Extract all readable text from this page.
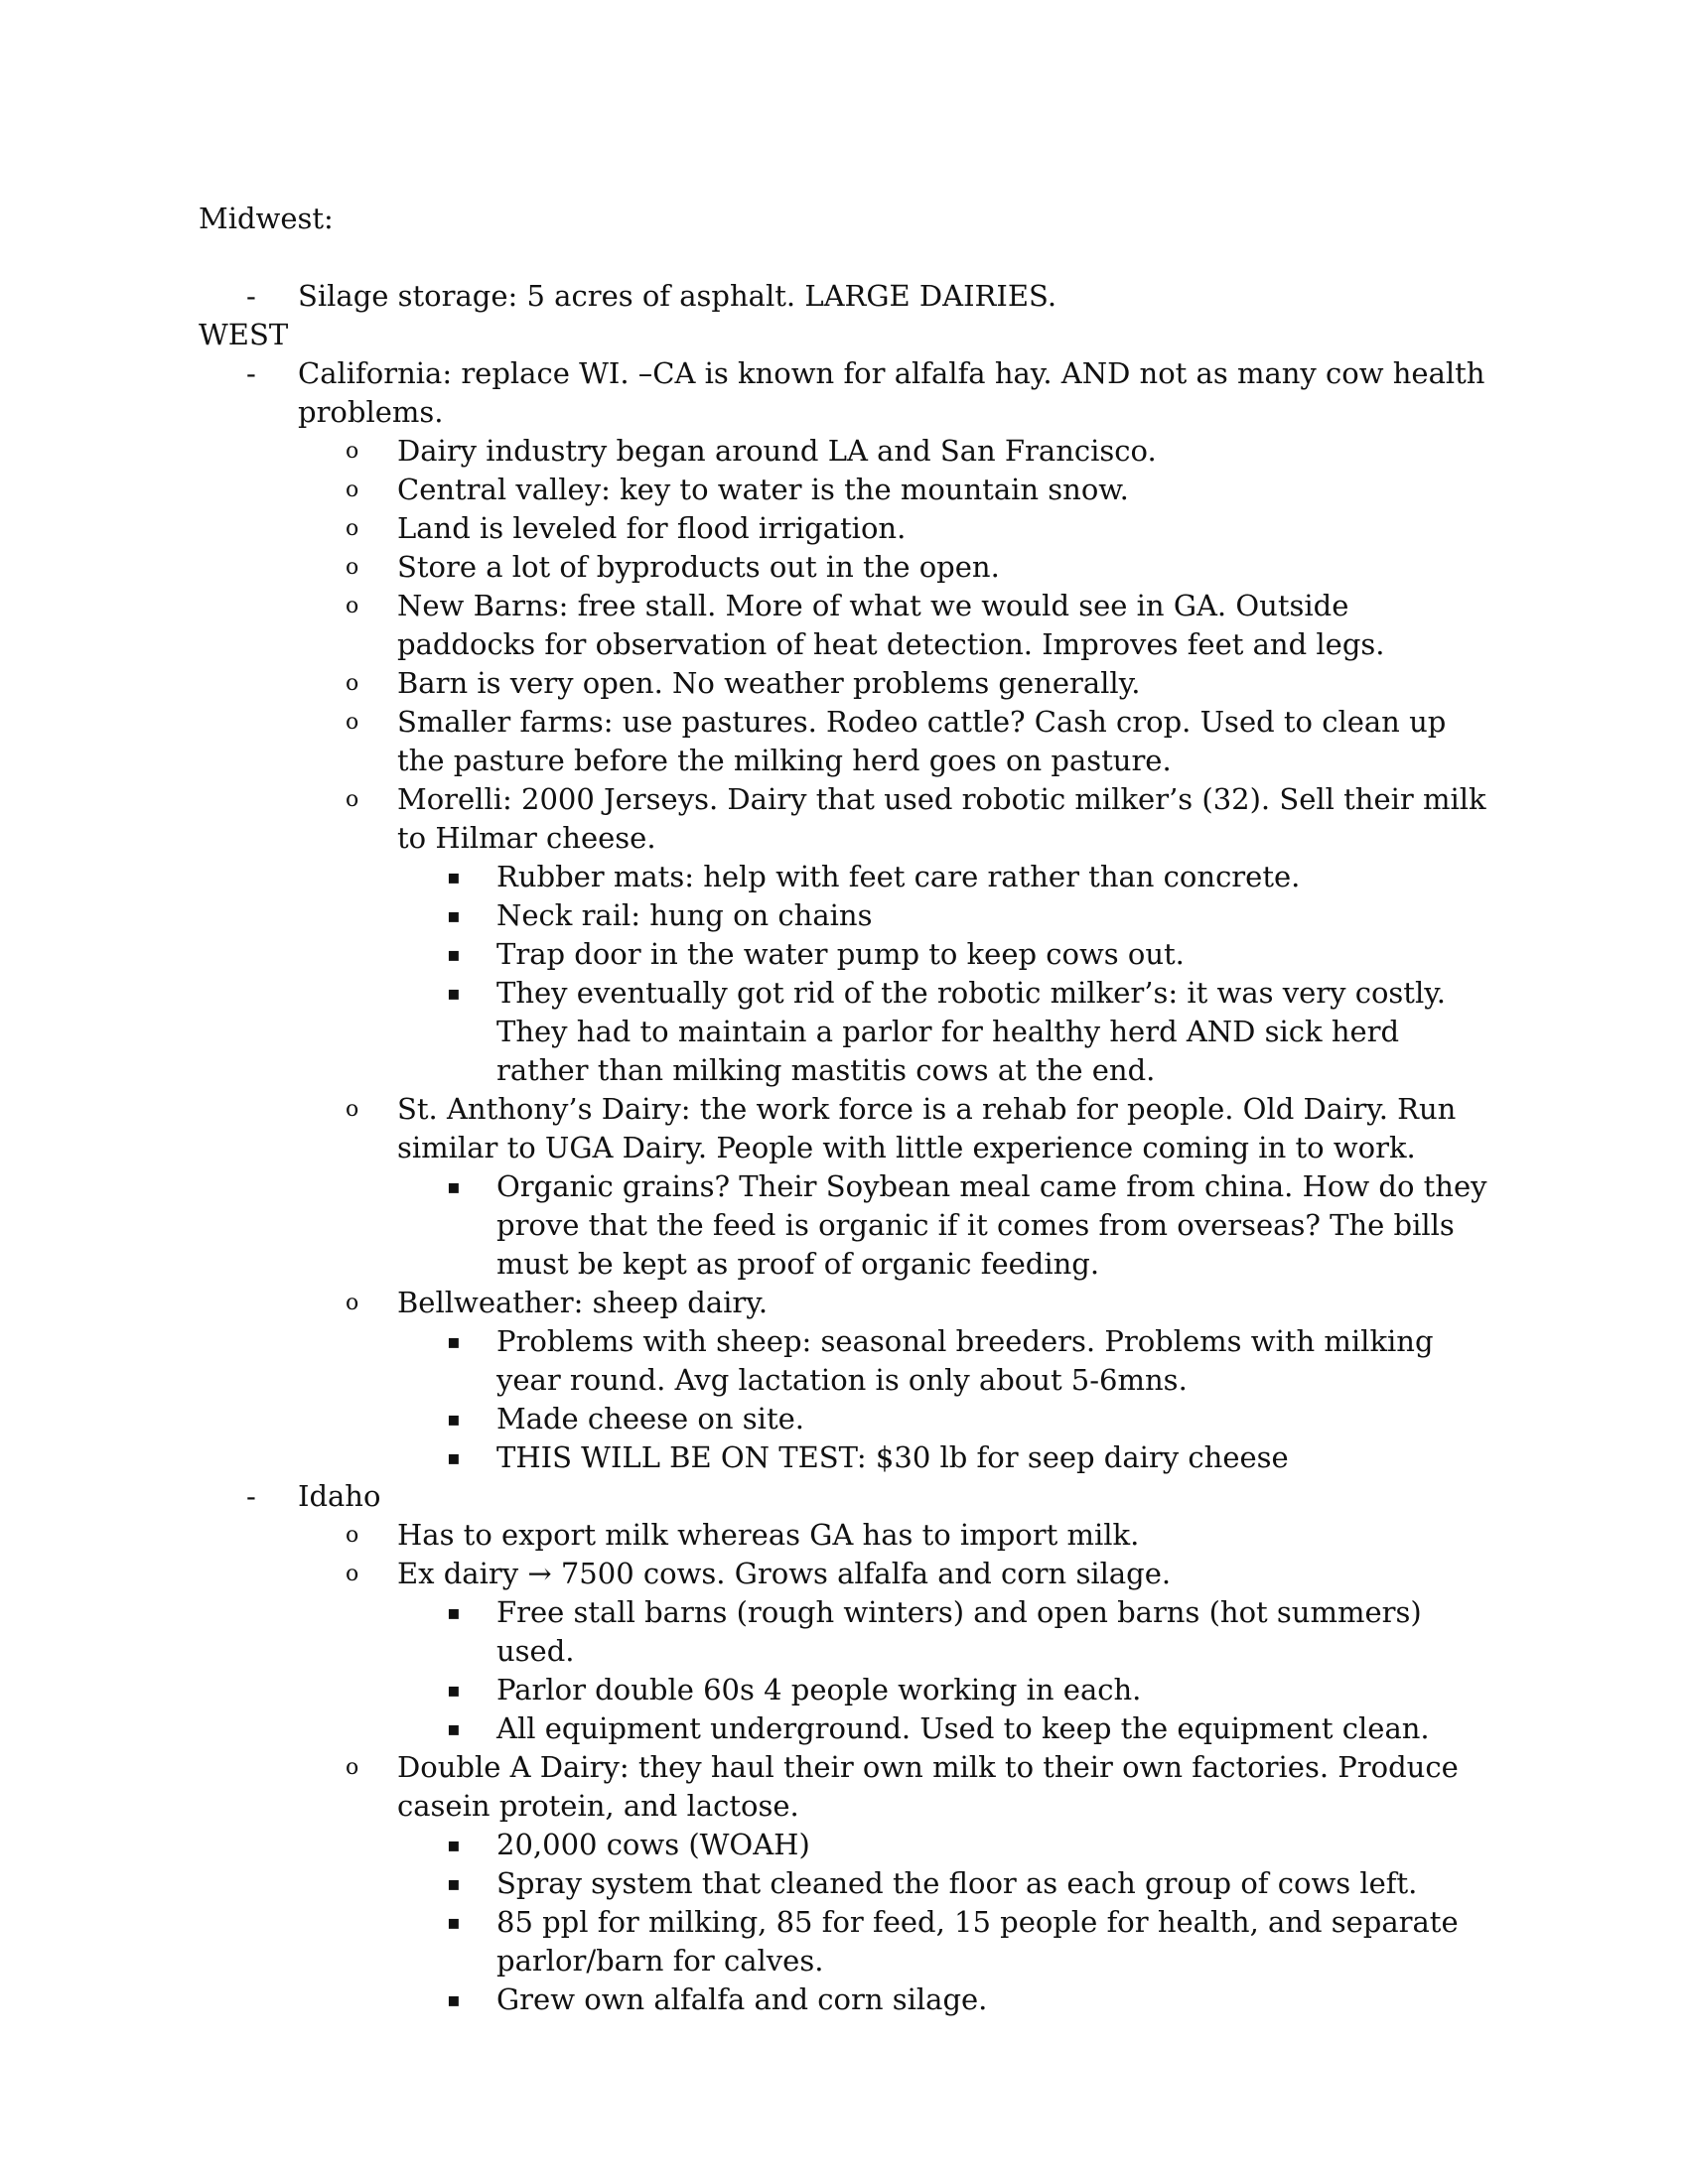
Midwest:
-	Silage storage: 5 acres of asphalt. LARGE DAIRIES.
WEST
-	California: replace WI. –CA is known for alfalfa hay. AND not as many cow health problems.
o	Dairy industry began around LA and San Francisco.
o	Central valley: key to water is the mountain snow.
o	Land is leveled for flood irrigation.
o	Store a lot of byproducts out in the open.
o	New Barns: free stall. More of what we would see in GA. Outside paddocks for observation of heat detection. Improves feet and legs.
o	Barn is very open. No weather problems generally.
o	Smaller farms: use pastures. Rodeo cattle? Cash crop. Used to clean up the pasture before the milking herd goes on pasture.
o	Morelli: 2000 Jerseys. Dairy that used robotic milker’s (32). Sell their milk to Hilmar cheese.
▪	Rubber mats: help with feet care rather than concrete.
▪	Neck rail: hung on chains
▪	Trap door in the water pump to keep cows out.
▪	They eventually got rid of the robotic milker’s: it was very costly. They had to maintain a parlor for healthy herd AND sick herd rather than milking mastitis cows at the end.
o	St. Anthony’s Dairy: the work force is a rehab for people. Old Dairy. Run similar to UGA Dairy. People with little experience coming in to work.
▪	Organic grains? Their Soybean meal came from china. How do they prove that the feed is organic if it comes from overseas? The bills must be kept as proof of organic feeding.
o	Bellweather: sheep dairy.
▪	Problems with sheep: seasonal breeders. Problems with milking year round. Avg lactation is only about 5-6mns.
▪	Made cheese on site.
▪	THIS WILL BE ON TEST: $30 lb for seep dairy cheese
-	Idaho
o	Has to export milk whereas GA has to import milk.
o	Ex dairy → 7500 cows. Grows alfalfa and corn silage.
▪	Free stall barns (rough winters) and open barns (hot summers) used.
▪	Parlor double 60s 4 people working in each.
▪	All equipment underground. Used to keep the equipment clean.
o	Double A Dairy: they haul their own milk to their own factories. Produce casein protein, and lactose.
▪	20,000 cows (WOAH)
▪	Spray system that cleaned the floor as each group of cows left.
▪	85 ppl for milking, 85 for feed, 15 people for health, and separate parlor/barn for calves.
▪	Grew own alfalfa and corn silage.
